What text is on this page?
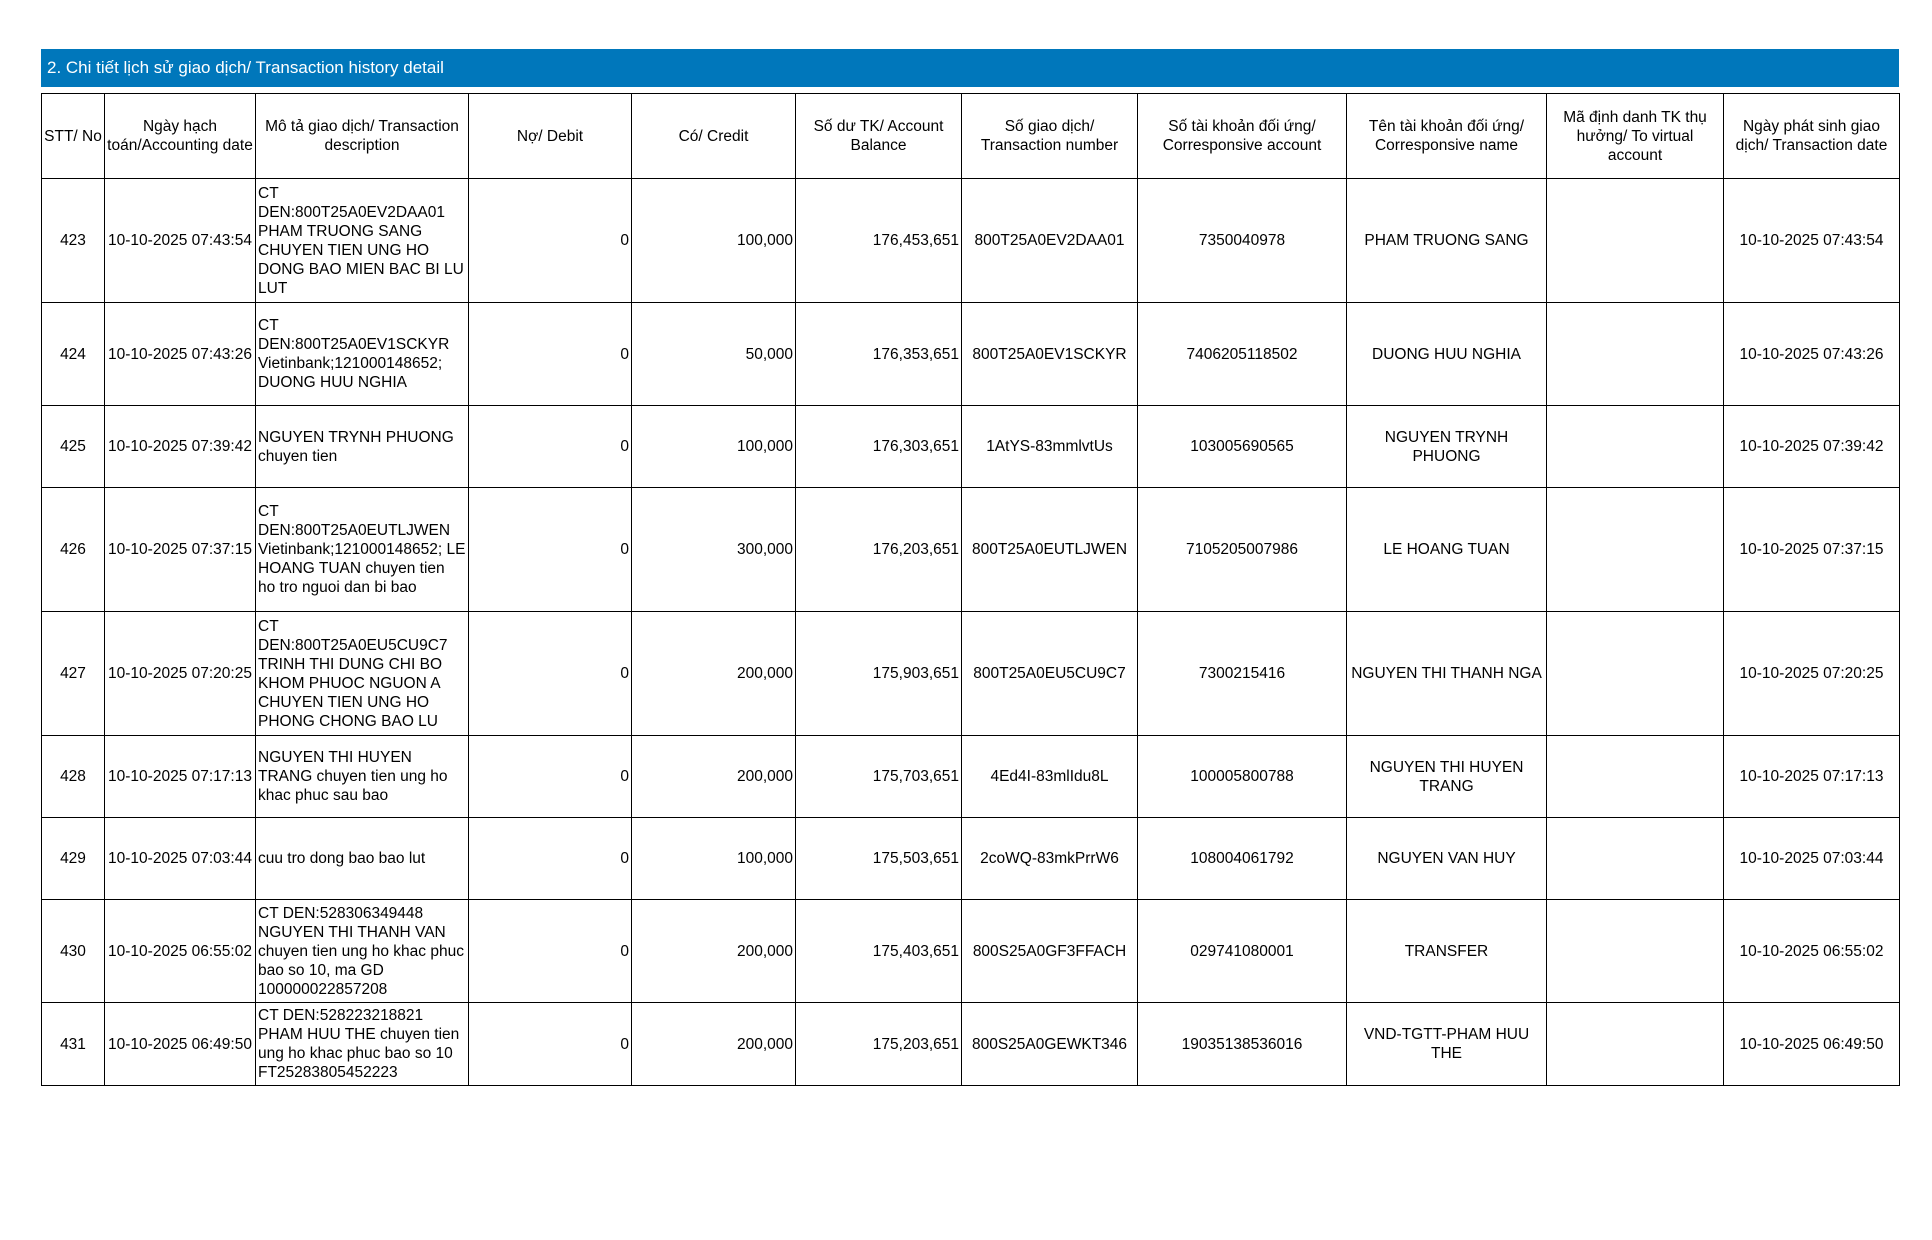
2. Chi tiết lịch sử giao dịch/ Transaction history detail
STT/ No	Ngày hạch toán/Accounting date	Mô tả giao dịch/ Transaction description	Nợ/ Debit	Có/ Credit	Số dư TK/ Account Balance	Số giao dịch/ Transaction number	Số tài khoản đối ứng/ Corresponsive account	Tên tài khoản đối ứng/ Corresponsive name	Mã định danh TK thụ hưởng/ To virtual account	Ngày phát sinh giao dịch/ Transaction date
423	10-10-2025 07:43:54	CT DEN:800T25A0EV2DAA01 PHAM TRUONG SANG CHUYEN TIEN UNG HO DONG BAO MIEN BAC BI LU LUT	0	100,000	176,453,651	800T25A0EV2DAA01	7350040978	PHAM TRUONG SANG		10-10-2025 07:43:54
424	10-10-2025 07:43:26	CT DEN:800T25A0EV1SCKYR Vietinbank;121000148652; DUONG HUU NGHIA	0	50,000	176,353,651	800T25A0EV1SCKYR	7406205118502	DUONG HUU NGHIA		10-10-2025 07:43:26
425	10-10-2025 07:39:42	NGUYEN TRYNH PHUONG chuyen tien	0	100,000	176,303,651	1AtYS-83mmlvtUs	103005690565	NGUYEN TRYNH PHUONG		10-10-2025 07:39:42
426	10-10-2025 07:37:15	CT DEN:800T25A0EUTLJWEN Vietinbank;121000148652; LE HOANG TUAN chuyen tien ho tro nguoi dan bi bao	0	300,000	176,203,651	800T25A0EUTLJWEN	7105205007986	LE HOANG TUAN		10-10-2025 07:37:15
427	10-10-2025 07:20:25	CT DEN:800T25A0EU5CU9C7 TRINH THI DUNG CHI BO KHOM PHUOC NGUON A CHUYEN TIEN UNG HO PHONG CHONG BAO LU	0	200,000	175,903,651	800T25A0EU5CU9C7	7300215416	NGUYEN THI THANH NGA		10-10-2025 07:20:25
428	10-10-2025 07:17:13	NGUYEN THI HUYEN TRANG chuyen tien ung ho khac phuc sau bao	0	200,000	175,703,651	4Ed4I-83mlIdu8L	100005800788	NGUYEN THI HUYEN TRANG		10-10-2025 07:17:13
429	10-10-2025 07:03:44	cuu tro dong bao bao lut	0	100,000	175,503,651	2coWQ-83mkPrrW6	108004061792	NGUYEN VAN HUY		10-10-2025 07:03:44
430	10-10-2025 06:55:02	CT DEN:528306349448 NGUYEN THI THANH VAN chuyen tien ung ho khac phuc bao so 10, ma GD 100000022857208	0	200,000	175,403,651	800S25A0GF3FFACH	029741080001	TRANSFER		10-10-2025 06:55:02
431	10-10-2025 06:49:50	CT DEN:528223218821 PHAM HUU THE chuyen tien ung ho khac phuc bao so 10 FT25283805452223	0	200,000	175,203,651	800S25A0GEWKT346	19035138536016	VND-TGTT-PHAM HUU THE		10-10-2025 06:49:50
